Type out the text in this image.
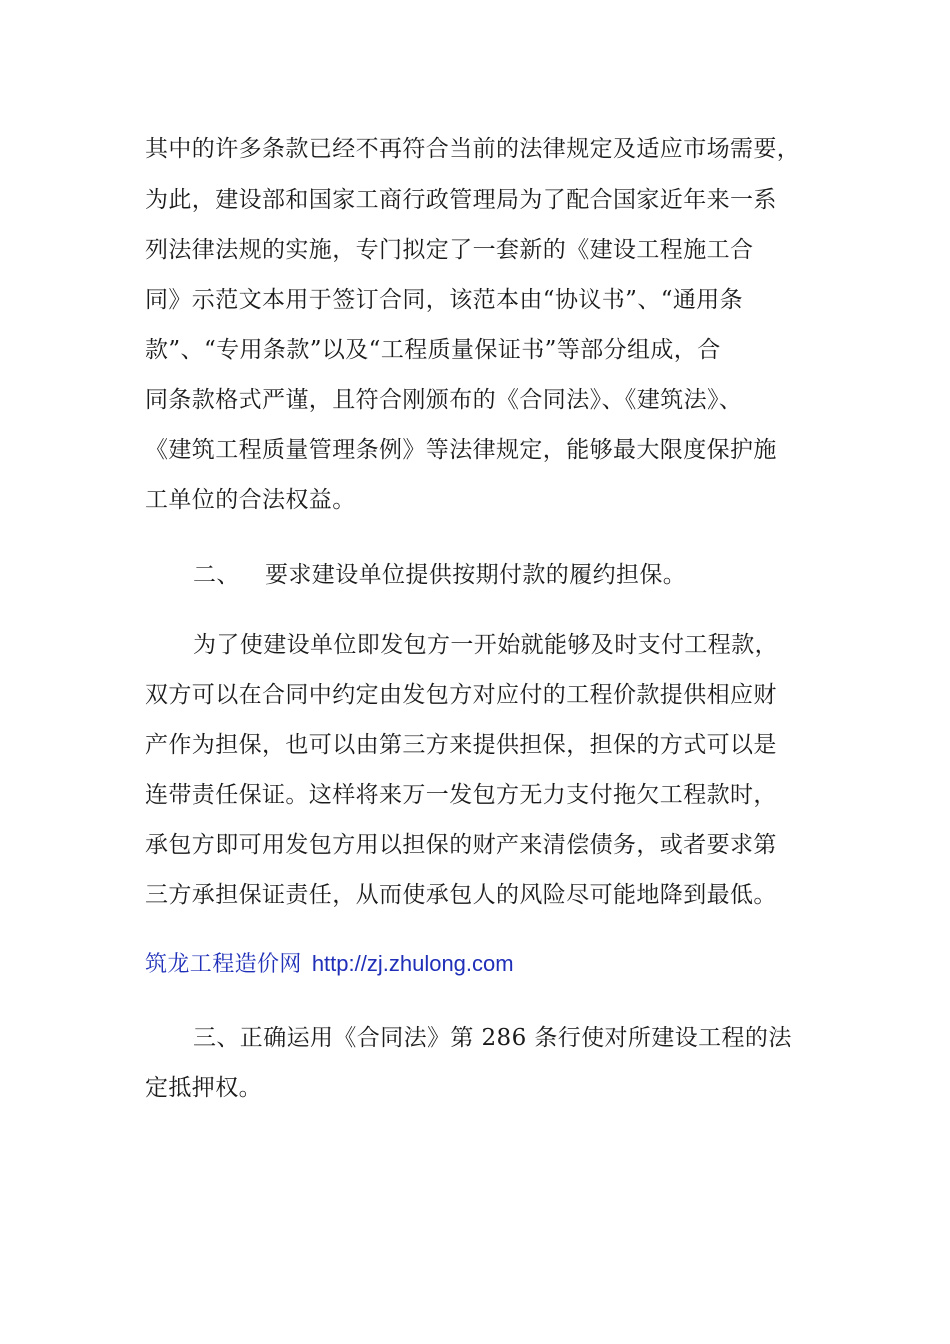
其中的许多条款已经不再符合当前的法律规定及适应市场需要，
为此，建设部和国家工商行政管理局为了配合国家近年来一系
列法律法规的实施，专门拟定了一套新的《建设工程施工合
同》示范文本用于签订合同，该范本由“协议书”、“通用条
款”、“专用条款”以及“工程质量保证书”等部分组成，合
同条款格式严谨，且符合刚颁布的《合同法》、《建筑法》、
《建筑工程质量管理条例》等法律规定，能够最大限度保护施
工单位的合法权益。
二、 要求建设单位提供按期付款的履约担保。
为了使建设单位即发包方一开始就能够及时支付工程款，
双方可以在合同中约定由发包方对应付的工程价款提供相应财
产作为担保，也可以由第三方来提供担保，担保的方式可以是
连带责任保证。这样将来万一发包方无力支付拖欠工程款时，
承包方即可用发包方用以担保的财产来清偿债务，或者要求第
三方承担保证责任，从而使承包人的风险尽可能地降到最低。
筑龙工程造价网 http://zj.zhulong.com
三、正确运用《合同法》第 286 条行使对所建设工程的法
定抵押权。
